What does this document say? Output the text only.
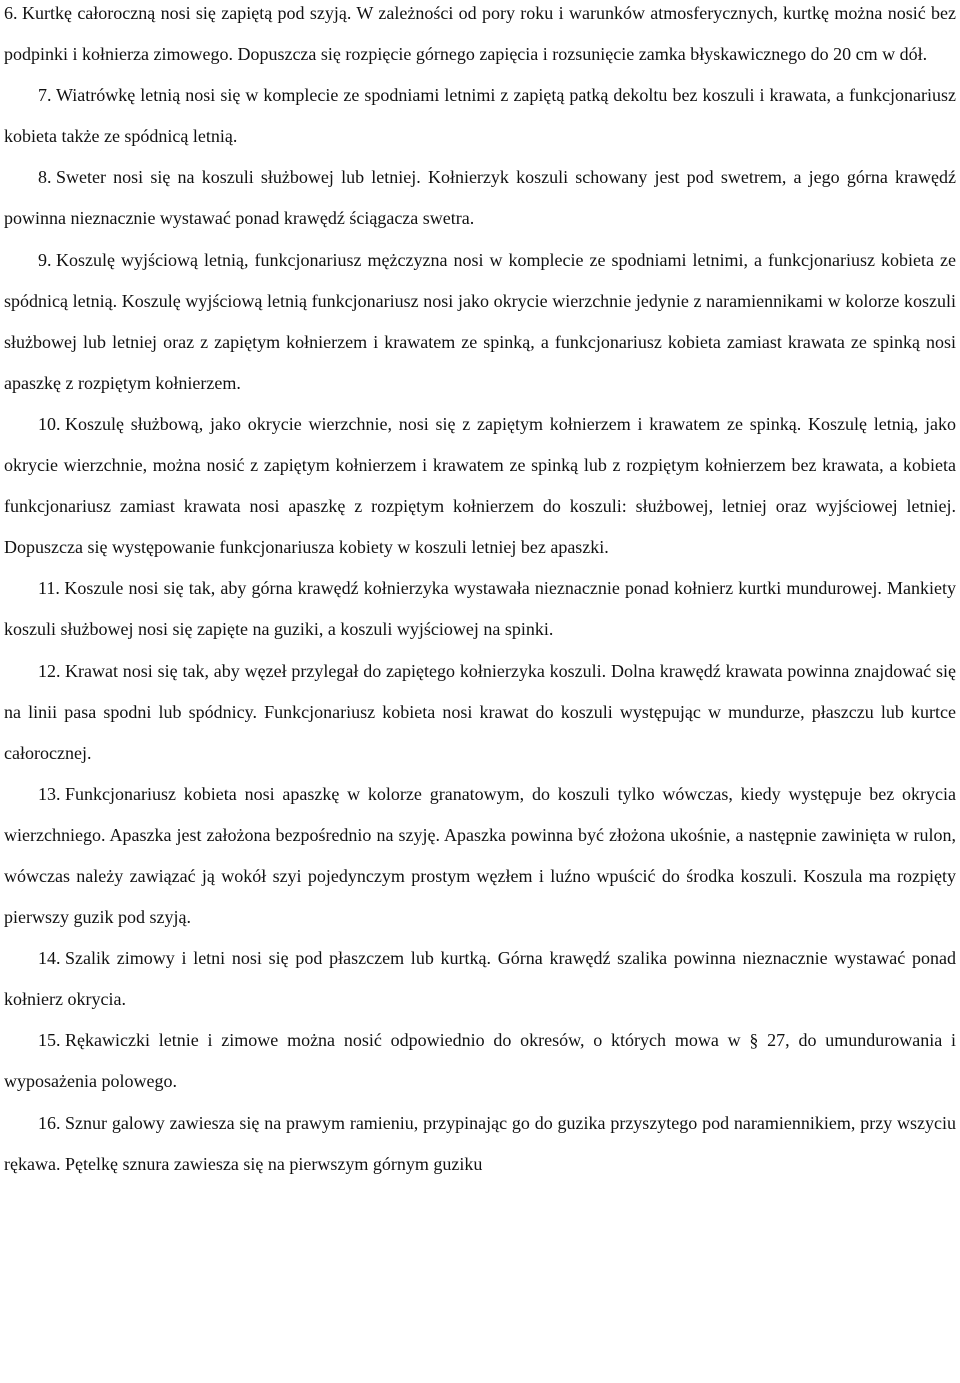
6. Kurtkę całoroczną nosi się zapiętą pod szyją. W zależności od pory roku i warunków atmosferycznych, kurtkę można nosić bez podpinki i kołnierza zimowego. Dopuszcza się rozpięcie górnego zapięcia i rozsunięcie zamka błyskawicznego do 20 cm w dół.

7. Wiatrówkę letnią nosi się w komplecie ze spodniami letnimi z zapiętą patką dekoltu bez koszuli i krawata, a funkcjonariusz kobieta także ze spódnicą letnią.

8. Sweter nosi się na koszuli służbowej lub letniej. Kołnierzyk koszuli schowany jest pod swetrem, a jego górna krawędź powinna nieznacznie wystawać ponad krawędź ściągacza swetra.

9. Koszulę wyjściową letnią, funkcjonariusz mężczyzna nosi w komplecie ze spodniami letnimi, a funkcjonariusz kobieta ze spódnicą letnią. Koszulę wyjściową letnią funkcjonariusz nosi jako okrycie wierzchnie jedynie z naramiennikami w kolorze koszuli służbowej lub letniej oraz z zapiętym kołnierzem i krawatem ze spinką, a funkcjonariusz kobieta zamiast krawata ze spinką nosi apaszkę z rozpiętym kołnierzem.

10. Koszulę służbową, jako okrycie wierzchnie, nosi się z zapiętym kołnierzem i krawatem ze spinką. Koszulę letnią, jako okrycie wierzchnie, można nosić z zapiętym kołnierzem i krawatem ze spinką lub z rozpiętym kołnierzem bez krawata, a kobieta funkcjonariusz zamiast krawata nosi apaszkę z rozpiętym kołnierzem do koszuli: służbowej, letniej oraz wyjściowej letniej. Dopuszcza się występowanie funkcjonariusza kobiety w koszuli letniej bez apaszki.

11. Koszule nosi się tak, aby górna krawędź kołnierzyka wystawała nieznacznie ponad kołnierz kurtki mundurowej. Mankiety koszuli służbowej nosi się zapięte na guziki, a koszuli wyjściowej na spinki.

12. Krawat nosi się tak, aby węzeł przylegał do zapiętego kołnierzyka koszuli. Dolna krawędź krawata powinna znajdować się na linii pasa spodni lub spódnicy. Funkcjonariusz kobieta nosi krawat do koszuli występując w mundurze, płaszczu lub kurtce całorocznej.

13. Funkcjonariusz kobieta nosi apaszkę w kolorze granatowym, do koszuli tylko wówczas, kiedy występuje bez okrycia wierzchniego. Apaszka jest założona bezpośrednio na szyję. Apaszka powinna być złożona ukośnie, a następnie zawinięta w rulon, wówczas należy zawiązać ją wokół szyi pojedynczym prostym węzłem i luźno wpuścić do środka koszuli. Koszula ma rozpięty pierwszy guzik pod szyją.

14. Szalik zimowy i letni nosi się pod płaszczem lub kurtką. Górna krawędź szalika powinna nieznacznie wystawać ponad kołnierz okrycia.

15. Rękawiczki letnie i zimowe można nosić odpowiednio do okresów, o których mowa w § 27, do umundurowania i wyposażenia polowego.

16. Sznur galowy zawiesza się na prawym ramieniu, przypinając go do guzika przyszytego pod naramiennikiem, przy wszyciu rękawa. Pętelkę sznura zawiesza się na pierwszym górnym guziku
